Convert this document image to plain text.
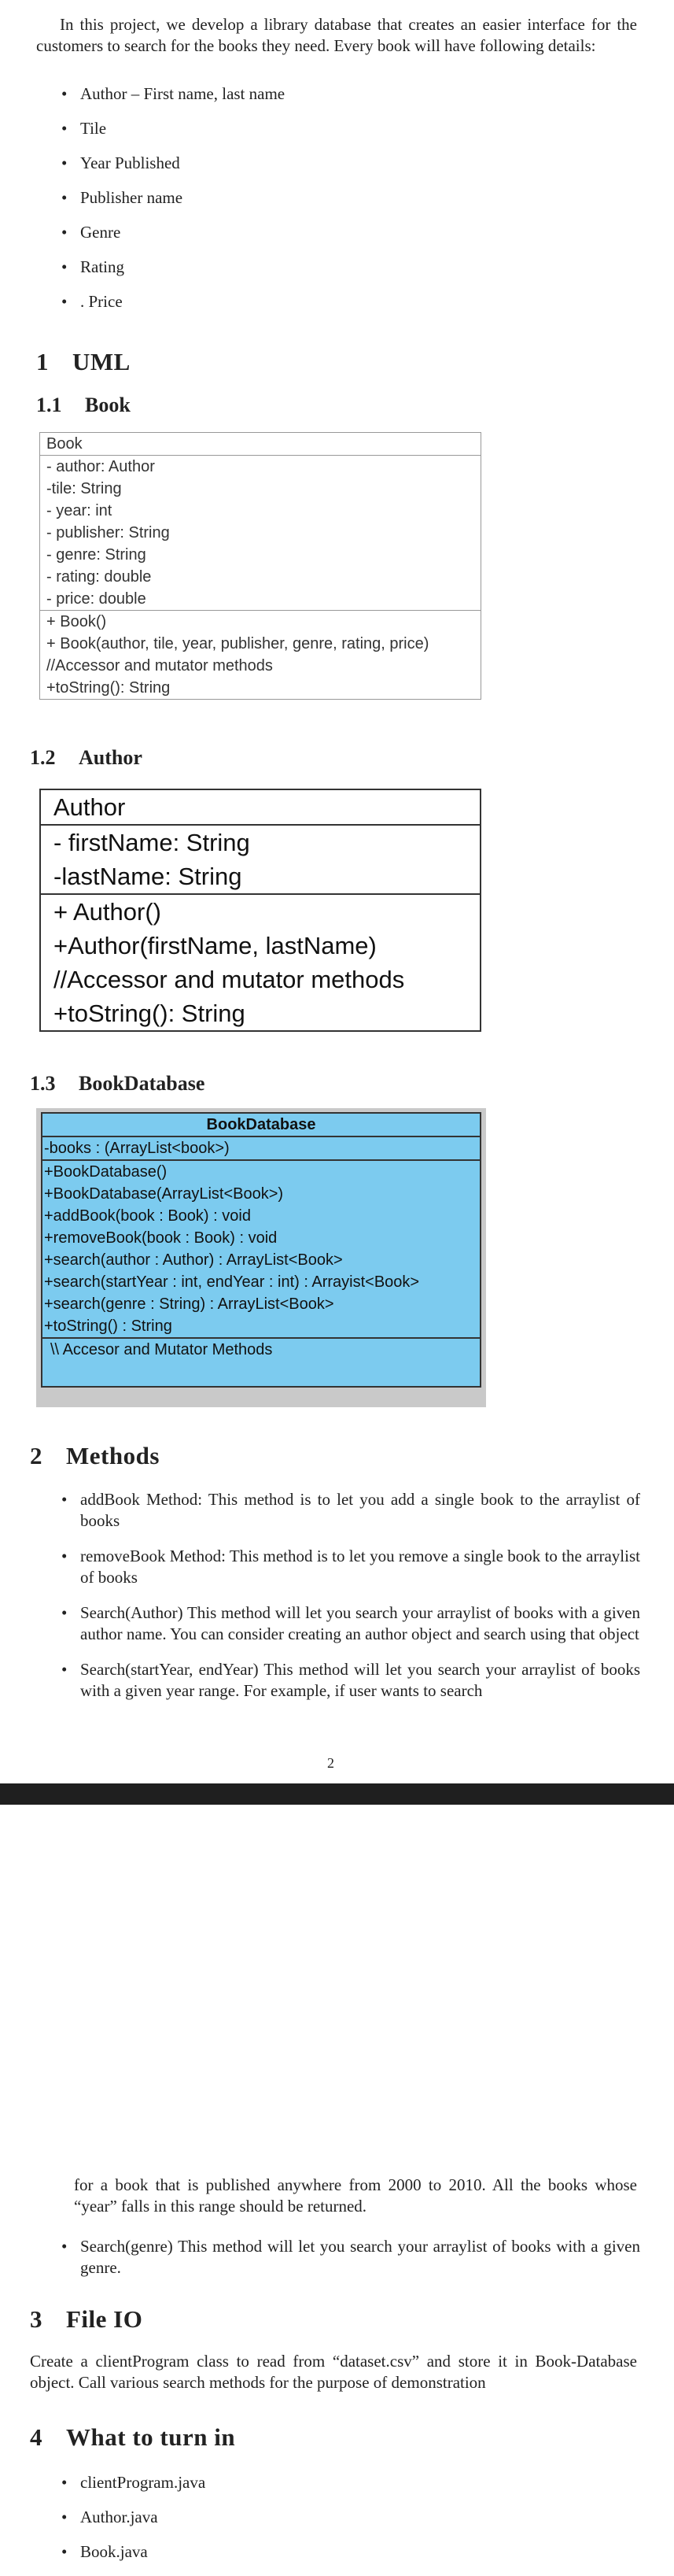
In this project, we develop a library database that creates an easier interface for the customers to search for the books they need. Every book will have following details:
• Author – First name, last name
• Tile
• Year Published
• Publisher name
• Genre
• Rating
• . Price
1 UML
1.1 Book
Book
- author: Author
-tile: String
- year: int
- publisher: String
- genre: String
- rating: double
- price: double
+ Book()
+ Book(author, tile, year, publisher, genre, rating, price)
//Accessor and mutator methods
+toString(): String
1.2 Author
Author
- firstName: String
-lastName: String
+ Author()
+Author(firstName, lastName)
//Accessor and mutator methods
+toString(): String
1.3 BookDatabase
BookDatabase
-books : (ArrayList<book>)
+BookDatabase()
+BookDatabase(ArrayList<Book>)
+addBook(book : Book) : void
+removeBook(book : Book) : void
+search(author : Author) : ArrayList<Book>
+search(startYear : int, endYear : int) : Arrayist<Book>
+search(genre : String) : ArrayList<Book>
+toString() : String
\\ Accesor and Mutator Methods
2 Methods
• addBook Method: This method is to let you add a single book to the arraylist of books
• removeBook Method: This method is to let you remove a single book to the arraylist of books
• Search(Author) This method will let you search your arraylist of books with a given author name. You can consider creating an author object and search using that object
• Search(startYear, endYear) This method will let you search your arraylist of books with a given year range. For example, if user wants to search
2
for a book that is published anywhere from 2000 to 2010. All the books whose “year” falls in this range should be returned.
• Search(genre) This method will let you search your arraylist of books with a given genre.
3 File IO
Create a clientProgram class to read from “dataset.csv” and store it in Book-Database object. Call various search methods for the purpose of demonstration
4 What to turn in
• clientProgram.java
• Author.java
• Book.java
